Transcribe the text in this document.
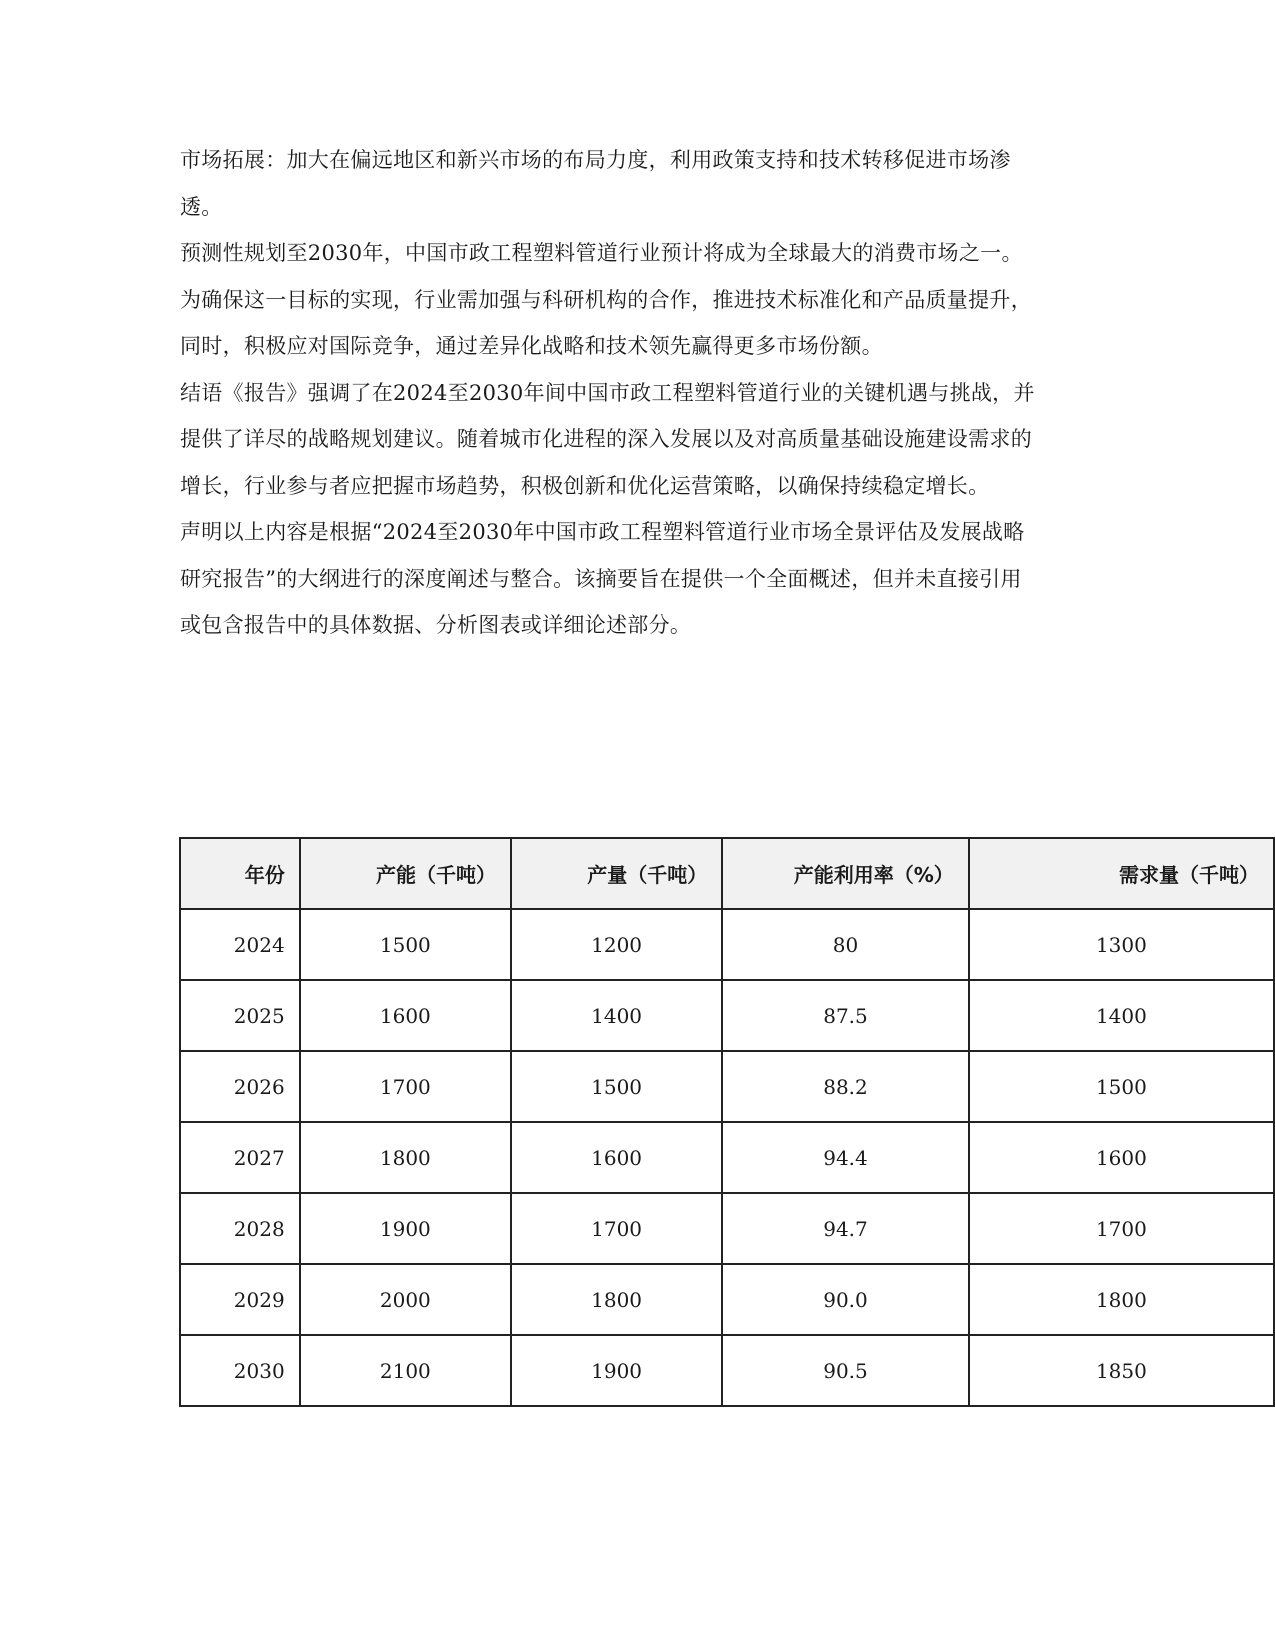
市场拓展：加大在偏远地区和新兴市场的布局力度，利用政策支持和技术转移促进市场渗透。

预测性规划至2030年，中国市政工程塑料管道行业预计将成为全球最大的消费市场之一。为确保这一目标的实现，行业需加强与科研机构的合作，推进技术标准化和产品质量提升，同时，积极应对国际竞争，通过差异化战略和技术领先赢得更多市场份额。

结语《报告》强调了在2024至2030年间中国市政工程塑料管道行业的关键机遇与挑战，并提供了详尽的战略规划建议。随着城市化进程的深入发展以及对高质量基础设施建设需求的增长，行业参与者应把握市场趋势，积极创新和优化运营策略，以确保持续稳定增长。

声明以上内容是根据“2024至2030年中国市政工程塑料管道行业市场全景评估及发展战略研究报告”的大纲进行的深度阐述与整合。该摘要旨在提供一个全面概述，但并未直接引用或包含报告中的具体数据、分析图表或详细论述部分。

年份	产能（千吨）	产量（千吨）	产能利用率（%）	需求量（千吨）
2024	1500	1200	80	1300
2025	1600	1400	87.5	1400
2026	1700	1500	88.2	1500
2027	1800	1600	94.4	1600
2028	1900	1700	94.7	1700
2029	2000	1800	90.0	1800
2030	2100	1900	90.5	1850
